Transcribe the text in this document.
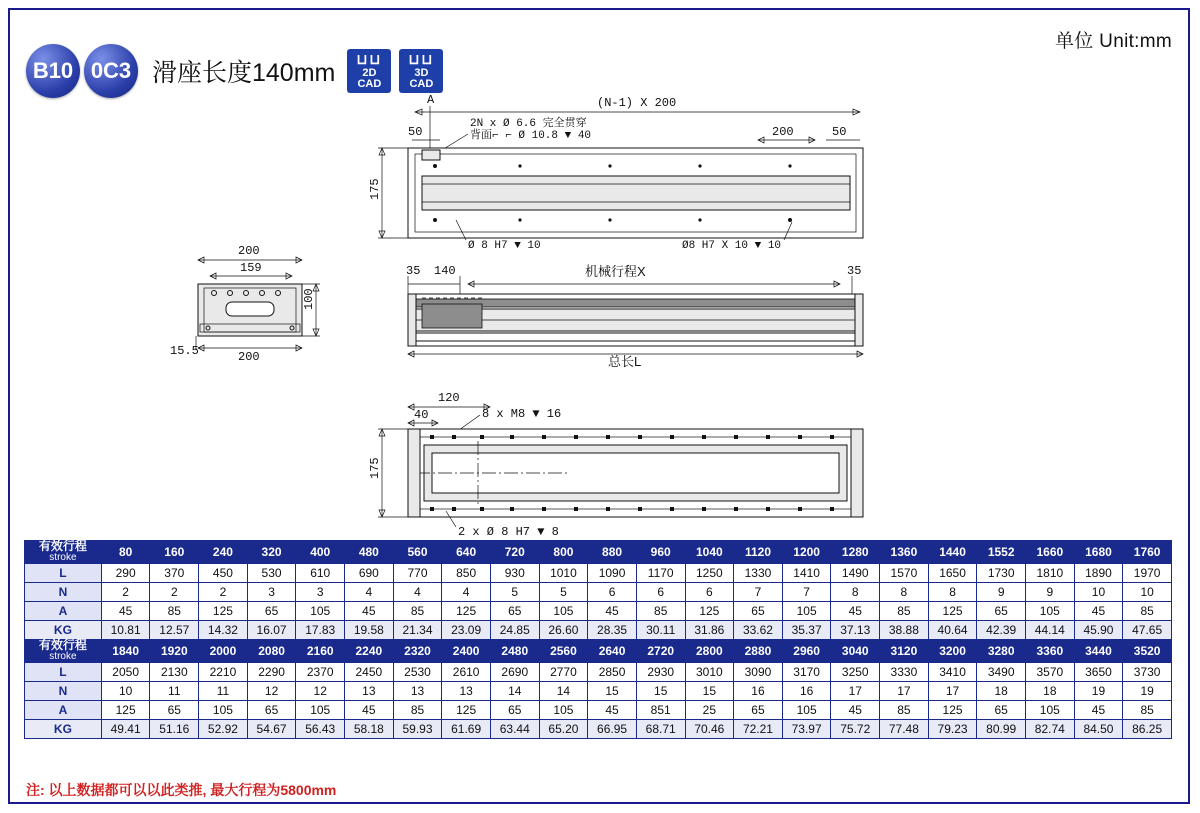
单位 Unit:mm
B10 0C3 滑座长度140mm	⊔⊔
2D
CAD
⊔⊔
3D
CAD
(N-1) X 200
50	200	50
A
2N x Ø 6.6 完全贯穿
背面⌐ ⌐ Ø 10.8 ▼ 40
175
Ø 8 H7 ▼ 10	Ø8 H7 X 10 ▼ 10
200
159
100
200
15.5
35 140	机械行程X	35
总长L
120
40	8 x M8 ▼ 16
175
2 x Ø 8 H7 ▼ 8
有效行程
stroke	80	160	240	320	400	480	560	640	720	800	880	960	1040	1120	1200	1280	1360	1440	1552	1660	1680	1760
L	290	370	450	530	610	690	770	850	930	1010	1090	1170	1250	1330	1410	1490	1570	1650	1730	1810	1890	1970
N	2	2	2	3	3	4	4	4	5	5	6	6	6	7	7	8	8	8	9	9	10	10
A	45	85	125	65	105	45	85	125	65	105	45	85	125	65	105	45	85	125	65	105	45	85
KG	10.81	12.57	14.32	16.07	17.83	19.58	21.34	23.09	24.85	26.60	28.35	30.11	31.86	33.62	35.37	37.13	38.88	40.64	42.39	44.14	45.90	47.65

有效行程
stroke	1840	1920	2000	2080	2160	2240	2320	2400	2480	2560	2640	2720	2800	2880	2960	3040	3120	3200	3280	3360	3440	3520
L	2050	2130	2210	2290	2370	2450	2530	2610	2690	2770	2850	2930	3010	3090	3170	3250	3330	3410	3490	3570	3650	3730
N	10	11	11	12	12	13	13	13	14	14	15	15	15	16	16	17	17	17	18	18	19	19
A	125	65	105	65	105	45	85	125	65	105	45	851	25	65	105	45	85	125	65	105	45	85
KG	49.41	51.16	52.92	54.67	56.43	58.18	59.93	61.69	63.44	65.20	66.95	68.71	70.46	72.21	73.97	75.72	77.48	79.23	80.99	82.74	84.50	86.25
注: 以上数据都可以以此类推, 最大行程为5800mm
